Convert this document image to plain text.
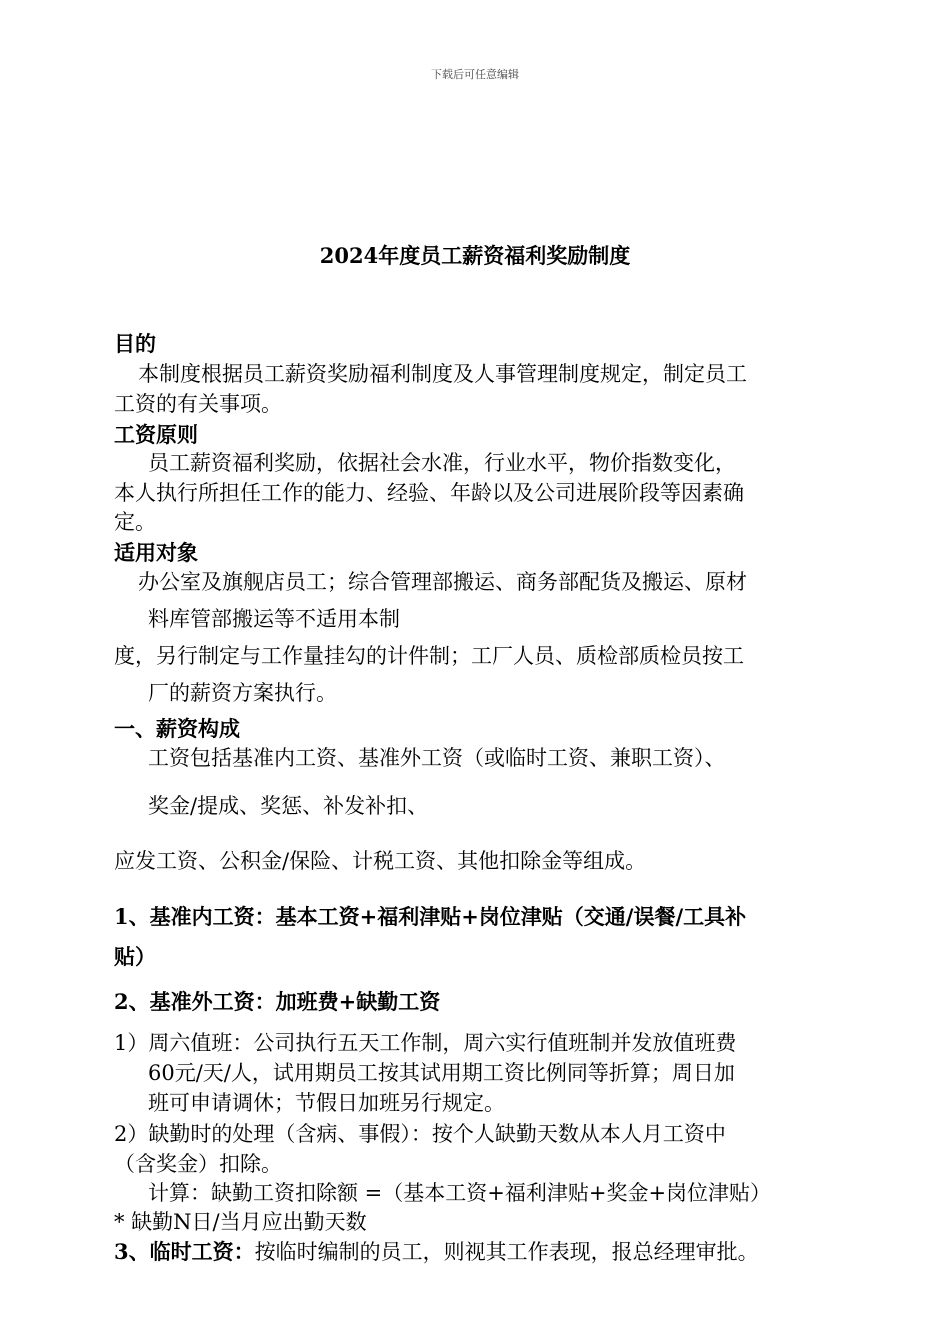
下载后可任意编辑
2024年度员工薪资福利奖励制度
目的
本制度根据员工薪资奖励福利制度及人事管理制度规定，制定员工
工资的有关事项。
工资原则
员工薪资福利奖励，依据社会水准，行业水平，物价指数变化，
本人执行所担任工作的能力、经验、年龄以及公司进展阶段等因素确
定。
适用对象
办公室及旗舰店员工；综合管理部搬运、商务部配货及搬运、原材
料库管部搬运等不适用本制
度，另行制定与工作量挂勾的计件制；工厂人员、质检部质检员按工
厂的薪资方案执行。
一、薪资构成
工资包括基准内工资、基准外工资（或临时工资、兼职工资）、
奖金/提成、奖惩、补发补扣、
应发工资、公积金/保险、计税工资、其他扣除金等组成。
1、基准内工资：基本工资+福利津贴+岗位津贴（交通/误餐/工具补
贴）
2、基准外工资：加班费+缺勤工资
1）周六值班：公司执行五天工作制，周六实行值班制并发放值班费
60元/天/人，试用期员工按其试用期工资比例同等折算；周日加
班可申请调休；节假日加班另行规定。
2）缺勤时的处理（含病、事假）：按个人缺勤天数从本人月工资中
（含奖金）扣除。
计算：缺勤工资扣除额 =（基本工资+福利津贴+奖金+岗位津贴）
* 缺勤N日/当月应出勤天数
3、临时工资：按临时编制的员工，则视其工作表现，报总经理审批。
